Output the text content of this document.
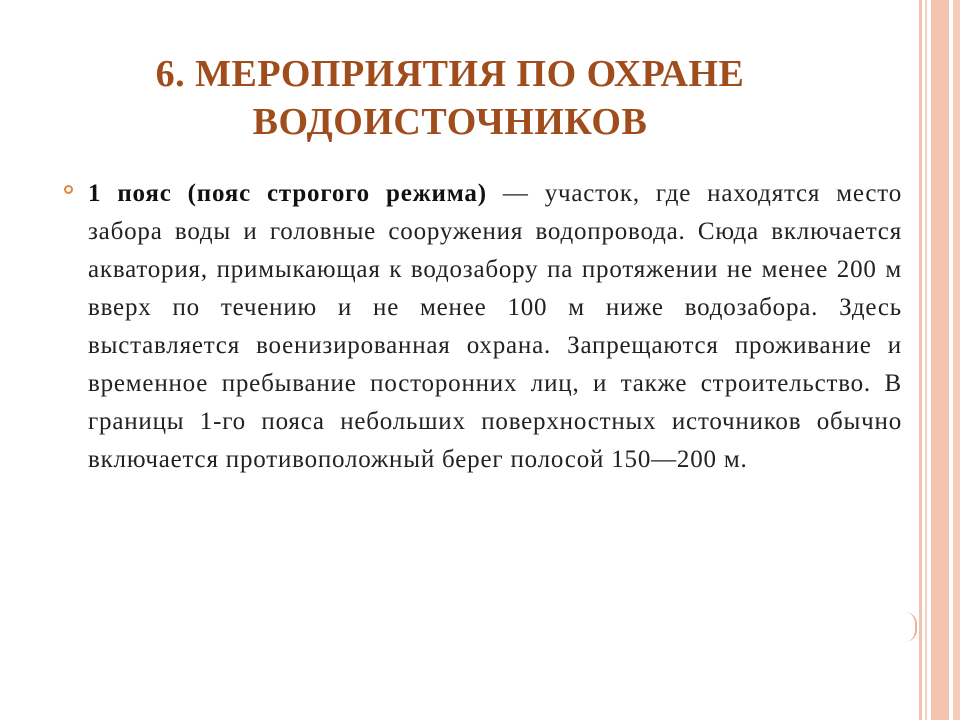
6. МЕРОПРИЯТИЯ ПО ОХРАНЕ
ВОДОИСТОЧНИКОВ

1 пояс (пояс строгого режима) — участок, где находятся место забора воды и головные сооружения водопровода. Сюда включается акватория, примыкающая к водозабору па протяжении не менее 200 м вверх по течению и не менее 100 м ниже водозабора. Здесь выставляется военизированная охрана. Запрещаются проживание и временное пребывание посторонних лиц, и также строительство. В границы 1-го пояса небольших поверхностных источников обычно включается противоположный берег полосой 150—200 м.
